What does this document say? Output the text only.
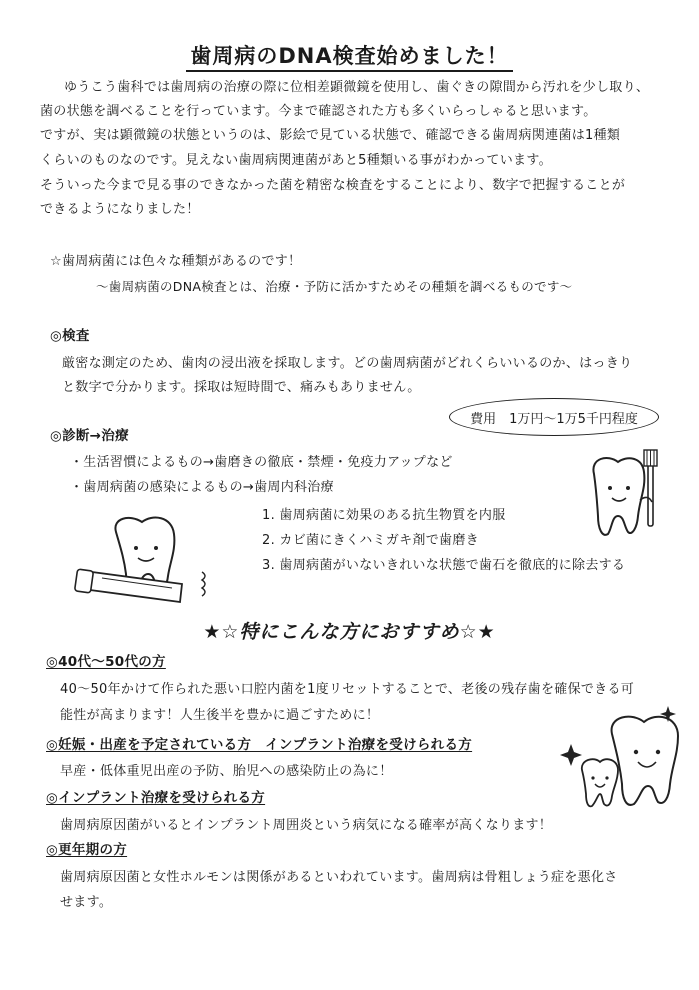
歯周病のDNA検査始めました！
ゆうこう歯科では歯周病の治療の際に位相差顕微鏡を使用し、歯ぐきの隙間から汚れを少し取り、
菌の状態を調べることを行っています。今まで確認された方も多くいらっしゃると思います。
ですが、実は顕微鏡の状態というのは、影絵で見ている状態で、確認できる歯周病関連菌は1種類
くらいのものなのです。見えない歯周病関連菌があと5種類いる事がわかっています。
そういった今まで見る事のできなかった菌を精密な検査をすることにより、数字で把握することが
できるようになりました！
☆歯周病菌には色々な種類があるのです！
～歯周病菌のDNA検査とは、治療・予防に活かすためその種類を調べるものです～
◎検査
厳密な測定のため、歯肉の浸出液を採取します。どの歯周病菌がどれくらいいるのか、はっきり
と数字で分かります。採取は短時間で、痛みもありません。
費用　1万円～1万5千円程度
◎診断→治療
・生活習慣によるもの→歯磨きの徹底・禁煙・免疫力アップなど
・歯周病菌の感染によるもの→歯周内科治療
1. 歯周病菌に効果のある抗生物質を内服
2. カビ菌にきくハミガキ剤で歯磨き
3. 歯周病菌がいないきれいな状態で歯石を徹底的に除去する
★☆特にこんな方におすすめ☆★
◎40代～50代の方
40～50年かけて作られた悪い口腔内菌を1度リセットすることで、老後の残存歯を確保できる可
能性が高まります！人生後半を豊かに過ごすために！
◎妊娠・出産を予定されている方　インプラント治療を受けられる方
早産・低体重児出産の予防、胎児への感染防止の為に！
◎インプラント治療を受けられる方
歯周病原因菌がいるとインプラント周囲炎という病気になる確率が高くなります！
◎更年期の方
歯周病原因菌と女性ホルモンは関係があるといわれています。歯周病は骨粗しょう症を悪化さ
せます。
